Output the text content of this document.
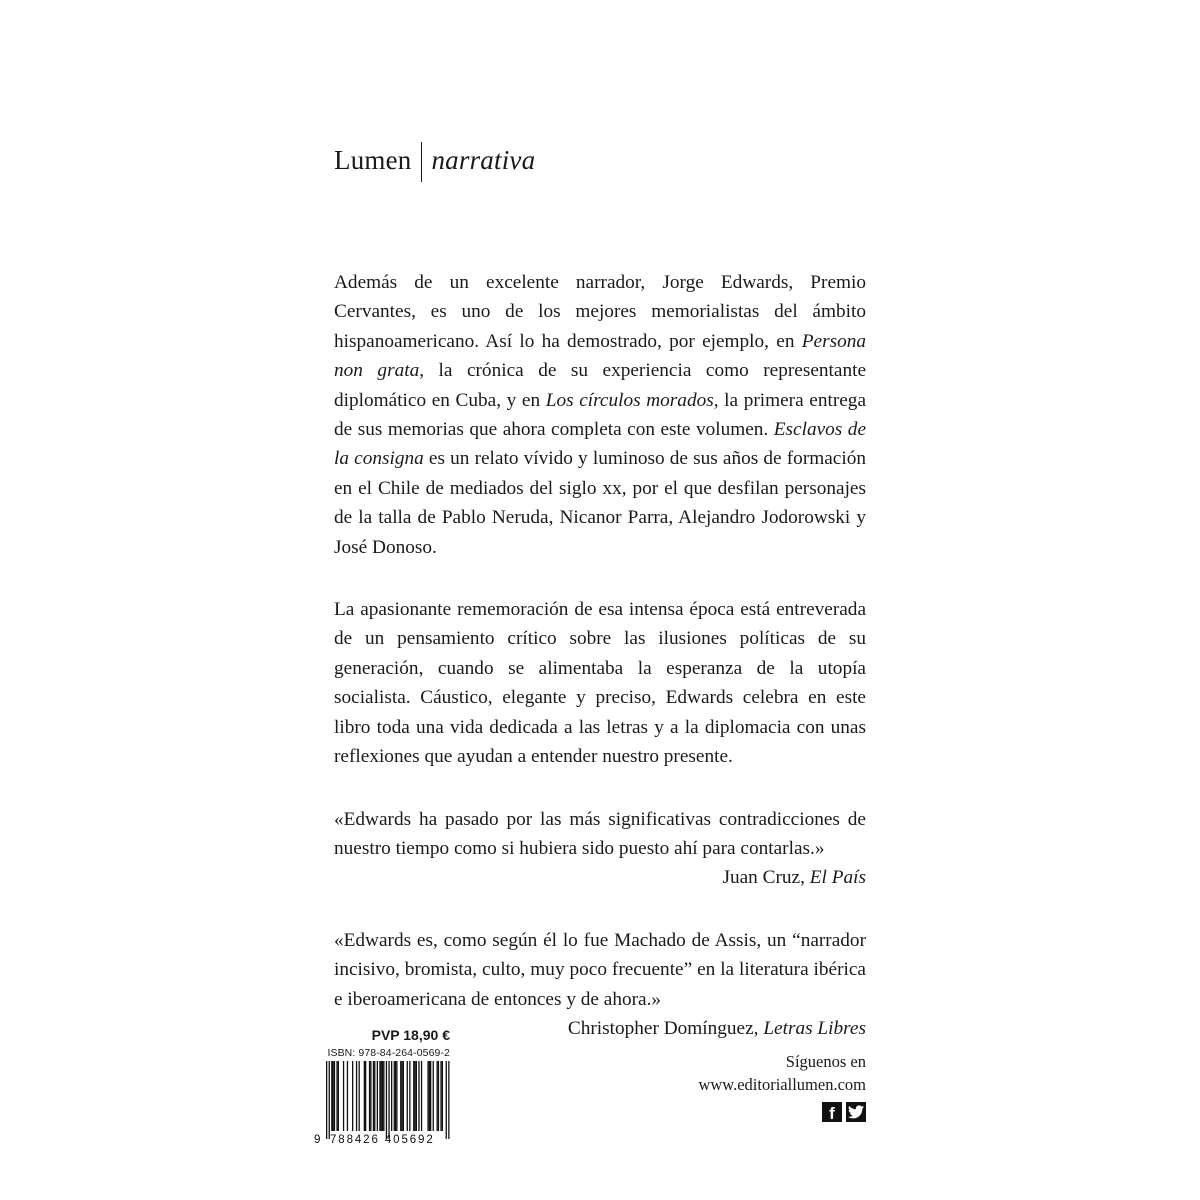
Lumen narrativa

Además de un excelente narrador, Jorge Edwards, Premio Cervantes, es uno de los mejores memorialistas del ámbito hispanoamericano. Así lo ha demostrado, por ejemplo, en Persona non grata, la crónica de su experiencia como representante diplomático en Cuba, y en Los círculos morados, la primera entrega de sus memorias que ahora completa con este volumen. Esclavos de la consigna es un relato vívido y luminoso de sus años de formación en el Chile de mediados del siglo xx, por el que desfilan personajes de la talla de Pablo Neruda, Nicanor Parra, Alejandro Jodorowski y José Donoso.

La apasionante rememoración de esa intensa época está entreverada de un pensamiento crítico sobre las ilusiones políticas de su generación, cuando se alimentaba la esperanza de la utopía socialista. Cáustico, elegante y preciso, Edwards celebra en este libro toda una vida dedicada a las letras y a la diplomacia con unas reflexiones que ayudan a entender nuestro presente.

«Edwards ha pasado por las más significativas contradicciones de nuestro tiempo como si hubiera sido puesto ahí para contarlas.»

Juan Cruz, El País

«Edwards es, como según él lo fue Machado de Assis, un “narrador incisivo, bromista, culto, muy poco frecuente” en la literatura ibérica e iberoamericana de entonces y de ahora.»

Christopher Domínguez, Letras Libres

PVP 18,90 €
ISBN: 978-84-264-0569-2
9 788426 405692
Síguenos en
www.editoriallumen.com
f
